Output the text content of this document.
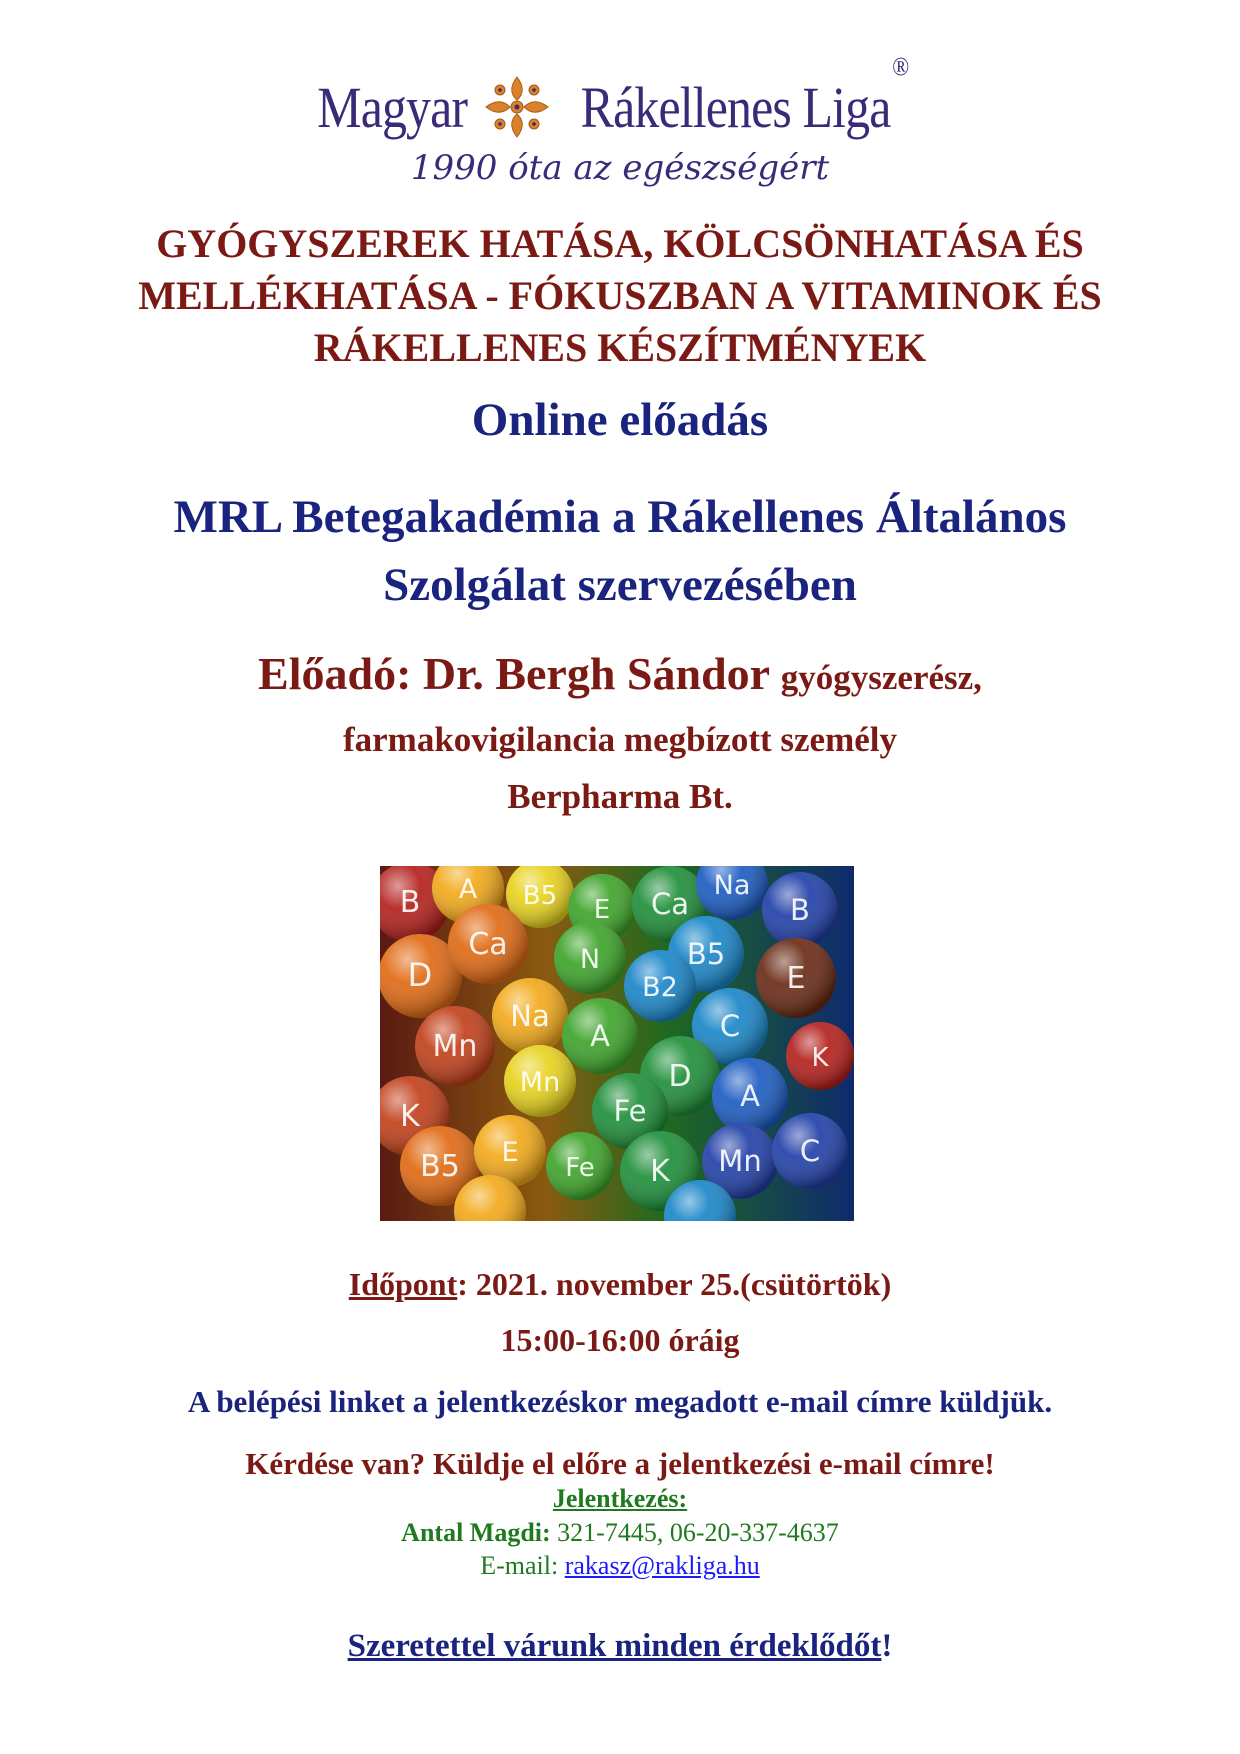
Magyar Rákellenes Liga®
1990 óta az egészségért
GYÓGYSZEREK HATÁSA, KÖLCSÖNHATÁSA ÉS MELLÉKHATÁSA - FÓKUSZBAN A VITAMINOK ÉS RÁKELLENES KÉSZÍTMÉNYEK
Online előadás
MRL Betegakadémia a Rákellenes Általános
Szolgálat szervezésében
Előadó: Dr. Bergh Sándor gyógyszerész,
farmakovigilancia megbízott személy
Berpharma Bt.
B A B5 E Ca
Na
B
D
Ca	N	B5
E
Na
B2
C
K
Mn	A
D
K
Mn
Fe	A
B5 E Fe K Mn C
Időpont: 2021. november 25.(csütörtök)
15:00-16:00 óráig
A belépési linket a jelentkezéskor megadott e-mail címre küldjük.
Kérdése van? Küldje el előre a jelentkezési e-mail címre!
Jelentkezés:
Antal Magdi: 321-7445, 06-20-337-4637
E-mail: rakasz@rakliga.hu
Szeretettel várunk minden érdeklődőt!
